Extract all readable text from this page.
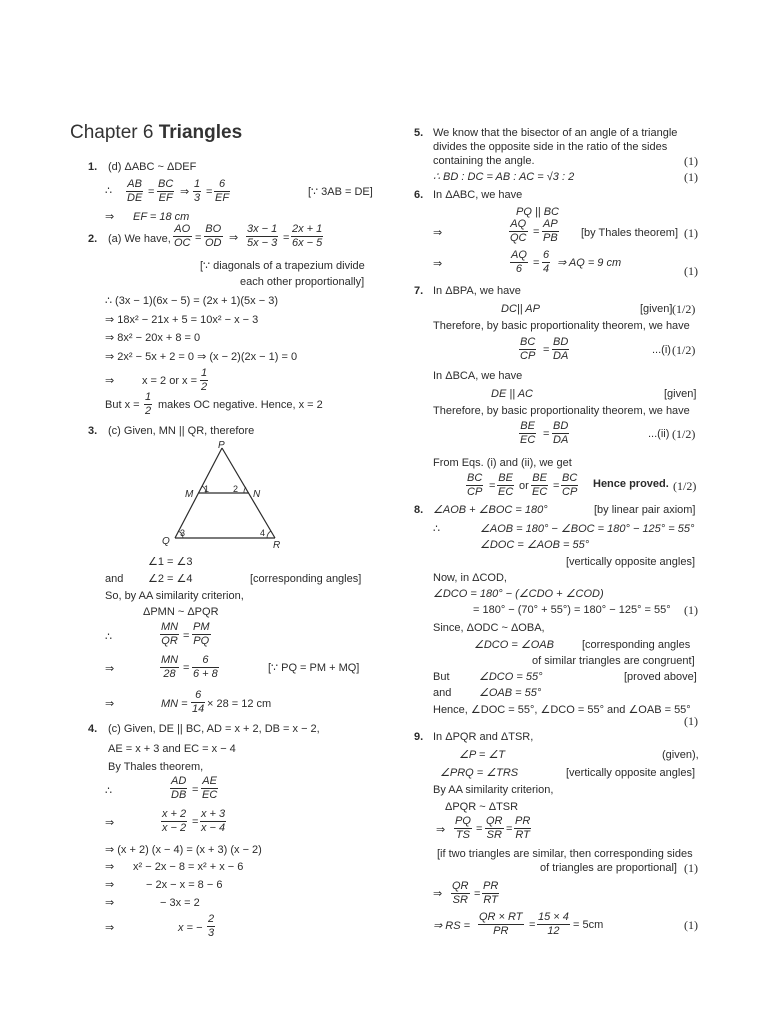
Chapter 6 Triangles
1. (d) ΔABC ~ ΔDEF
∴
AB
DE =
BC
EF ⇒
1
3 =
6
EF	[∵ 3AB = DE]
⇒ EF = 18 cm
2. (a) We have,
AO
OC =
BO
OD ⇒
3x − 1
5x − 3 =
2x + 1
6x − 5
[∵ diagonals of a trapezium divide
each other proportionally]
∴ (3x − 1)(6x − 5) = (2x + 1)(5x − 3)
⇒ 18x² − 21x + 5 = 10x² − x − 3
⇒ 8x² − 20x + 8 = 0
⇒ 2x² − 5x + 2 = 0 ⇒ (x − 2)(2x − 1) = 0
⇒	x = 2 or x =
1
2
But x =
1
2 makes OC negative. Hence, x = 2
3. (c) Given, MN || QR, therefore
P
M	N
Q	R
1	2
3	4
∠1 = ∠3
and ∠2 = ∠4	[corresponding angles]
So, by AA similarity criterion,
ΔPMN ~ ΔPQR
∴
MN
QR =
PM
PQ
⇒
MN
28 =
6
6 + 8	[∵ PQ = PM + MQ]
⇒	MN =
6
14 × 28 = 12 cm
4. (c) Given, DE || BC, AD = x + 2, DB = x − 2,
AE = x + 3 and EC = x − 4
By Thales theorem,
∴
AD
DB =
AE
EC
⇒
x + 2
x − 2 =
x + 3
x − 4
⇒ (x + 2) (x − 4) = (x + 3) (x − 2)
⇒ x² − 2x − 8 = x² + x − 6
⇒	− 2x − x = 8 − 6
⇒	− 3x = 2
⇒	x = −
2
3
5. We know that the bisector of an angle of a triangle
divides the opposite side in the ratio of the sides
containing the angle.	(1)
∴ BD : DC = AB : AC = √3 : 2	(1)
6. In ΔABC, we have
PQ || BC
⇒
AQ
QC =
AP
PB [by Thales theorem] (1)
⇒
AQ
6 =
6
4 ⇒ AQ = 9 cm
(1)
7. In ΔBPA, we have
DC|| AP	[given] (1/2)
Therefore, by basic proportionality theorem, we have
BC
CP =
BD
DA	...(i) (1/2)
In ΔBCA, we have
DE || AC	[given]
Therefore, by basic proportionality theorem, we have
BE
EC =
BD
DA	...(ii) (1/2)
From Eqs. (i) and (ii), we get
BC
CP =
BE
EC or
BE
EC =
BC
CP
Hence proved. (1/2)
8. ∠AOB + ∠BOC = 180°	[by linear pair axiom]
∴	∠AOB = 180° − ∠BOC = 180° − 125° = 55°
∠DOC = ∠AOB = 55°
[vertically opposite angles]
Now, in ΔCOD,
∠DCO = 180° − (∠CDO + ∠COD)
= 180° − (70° + 55°) = 180° − 125° = 55° (1)
Since, ΔODC ~ ΔOBA,
∠DCO = ∠OAB	[corresponding angles
of similar triangles are congruent]
But	∠DCO = 55°	[proved above]
and	∠OAB = 55°
Hence, ∠DOC = 55°, ∠DCO = 55° and ∠OAB = 55°
(1)
9. In ΔPQR and ΔTSR,
∠P = ∠T	(given),
∠PRQ = ∠TRS	[vertically opposite angles]
By AA similarity criterion,
ΔPQR ~ ΔTSR
⇒
PQ
TS =
QR
SR =
PR
RT
[if two triangles are similar, then corresponding sides
of triangles are proportional] (1)
⇒
QR
SR =
PR
RT
⇒ RS =
QR × RT
PR	=
15 × 4
12	= 5cm	(1)
